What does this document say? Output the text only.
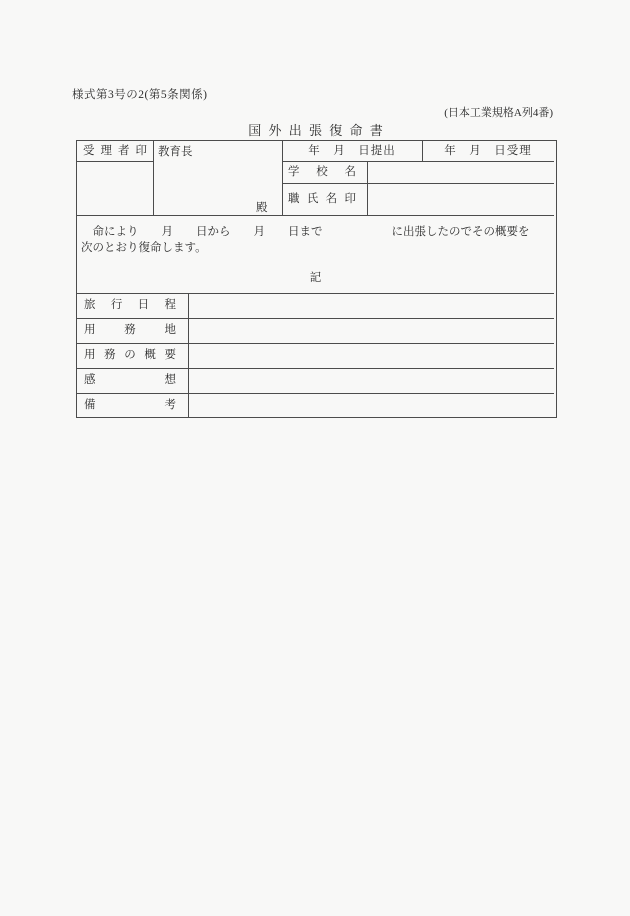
様式第3号の2(第5条関係)
(日本工業規格A列4番)
国 外 出 張 復 命 書
受 理 者 印 教育長
殿
年　月　日提出	年　月　日受理
学 校 名
職 氏 名 印
　命により　　月　　日から　　月　　日まで　　　　　　に出張したのでその概要を
次のとおり復命します。
記
旅 行 日 程
用 務 地
用 務 の 概 要
感 想
備 考
